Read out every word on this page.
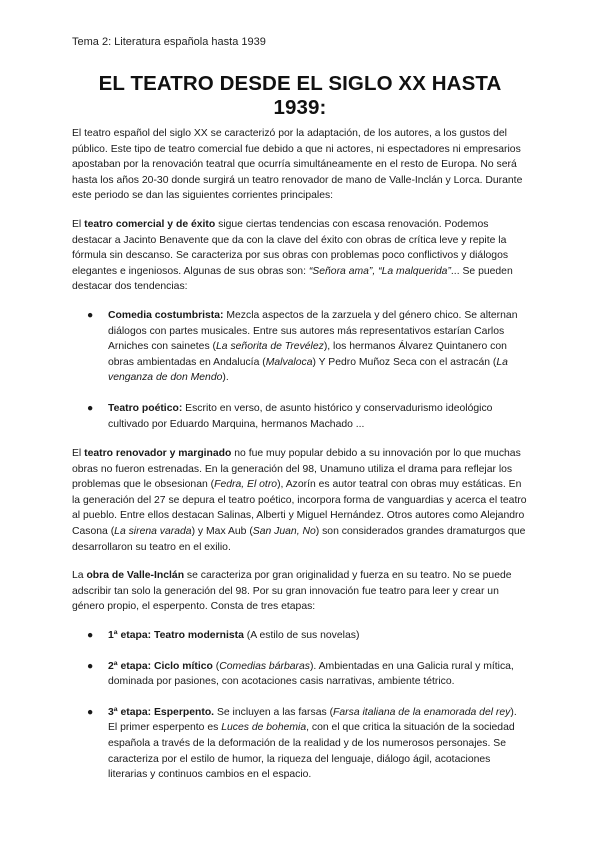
Tema 2: Literatura española hasta 1939
EL TEATRO DESDE EL SIGLO XX HASTA 1939:

El teatro español del siglo XX se caracterizó por la adaptación, de los autores, a los gustos del público. Este tipo de teatro comercial fue debido a que ni actores, ni espectadores ni empresarios apostaban por la renovación teatral que ocurría simultáneamente en el resto de Europa. No será hasta los años 20-30 donde surgirá un teatro renovador de mano de Valle-Inclán y Lorca. Durante este periodo se dan las siguientes corrientes principales:

El teatro comercial y de éxito sigue ciertas tendencias con escasa renovación. Podemos destacar a Jacinto Benavente que da con la clave del éxito con obras de crítica leve y repite la fórmula sin descanso. Se caracteriza por sus obras con problemas poco conflictivos y diálogos elegantes e ingeniosos. Algunas de sus obras son: “Señora ama”, “La malquerida”... Se pueden destacar dos tendencias:

● Comedia costumbrista: Mezcla aspectos de la zarzuela y del género chico. Se alternan diálogos con partes musicales. Entre sus autores más representativos estarían Carlos Arniches con sainetes (La señorita de Trevélez), los hermanos Álvarez Quintanero con obras ambientadas en Andalucía (Malvaloca) Y Pedro Muñoz Seca con el astracán (La venganza de don Mendo).
● Teatro poético: Escrito en verso, de asunto histórico y conservadurismo ideológico cultivado por Eduardo Marquina, hermanos Machado ...

El teatro renovador y marginado no fue muy popular debido a su innovación por lo que muchas obras no fueron estrenadas. En la generación del 98, Unamuno utiliza el drama para reflejar los problemas que le obsesionan (Fedra, El otro), Azorín es autor teatral con obras muy estáticas. En la generación del 27 se depura el teatro poético, incorpora forma de vanguardias y acerca el teatro al pueblo. Entre ellos destacan Salinas, Alberti y Miguel Hernández. Otros autores como Alejandro Casona (La sirena varada) y Max Aub (San Juan, No) son considerados grandes dramaturgos que desarrollaron su teatro en el exilio.

La obra de Valle-Inclán se caracteriza por gran originalidad y fuerza en su teatro. No se puede adscribir tan solo la generación del 98. Por su gran innovación fue teatro para leer y crear un género propio, el esperpento. Consta de tres etapas:

● 1ª etapa: Teatro modernista (A estilo de sus novelas)
● 2ª etapa: Ciclo mítico (Comedias bárbaras). Ambientadas en una Galicia rural y mítica, dominada por pasiones, con acotaciones casis narrativas, ambiente tétrico.
● 3ª etapa: Esperpento. Se incluyen a las farsas (Farsa italiana de la enamorada del rey). El primer esperpento es Luces de bohemia, con el que critica la situación de la sociedad española a través de la deformación de la realidad y de los numerosos personajes. Se caracteriza por el estilo de humor, la riqueza del lenguaje, diálogo ágil, acotaciones literarias y continuos cambios en el espacio.
